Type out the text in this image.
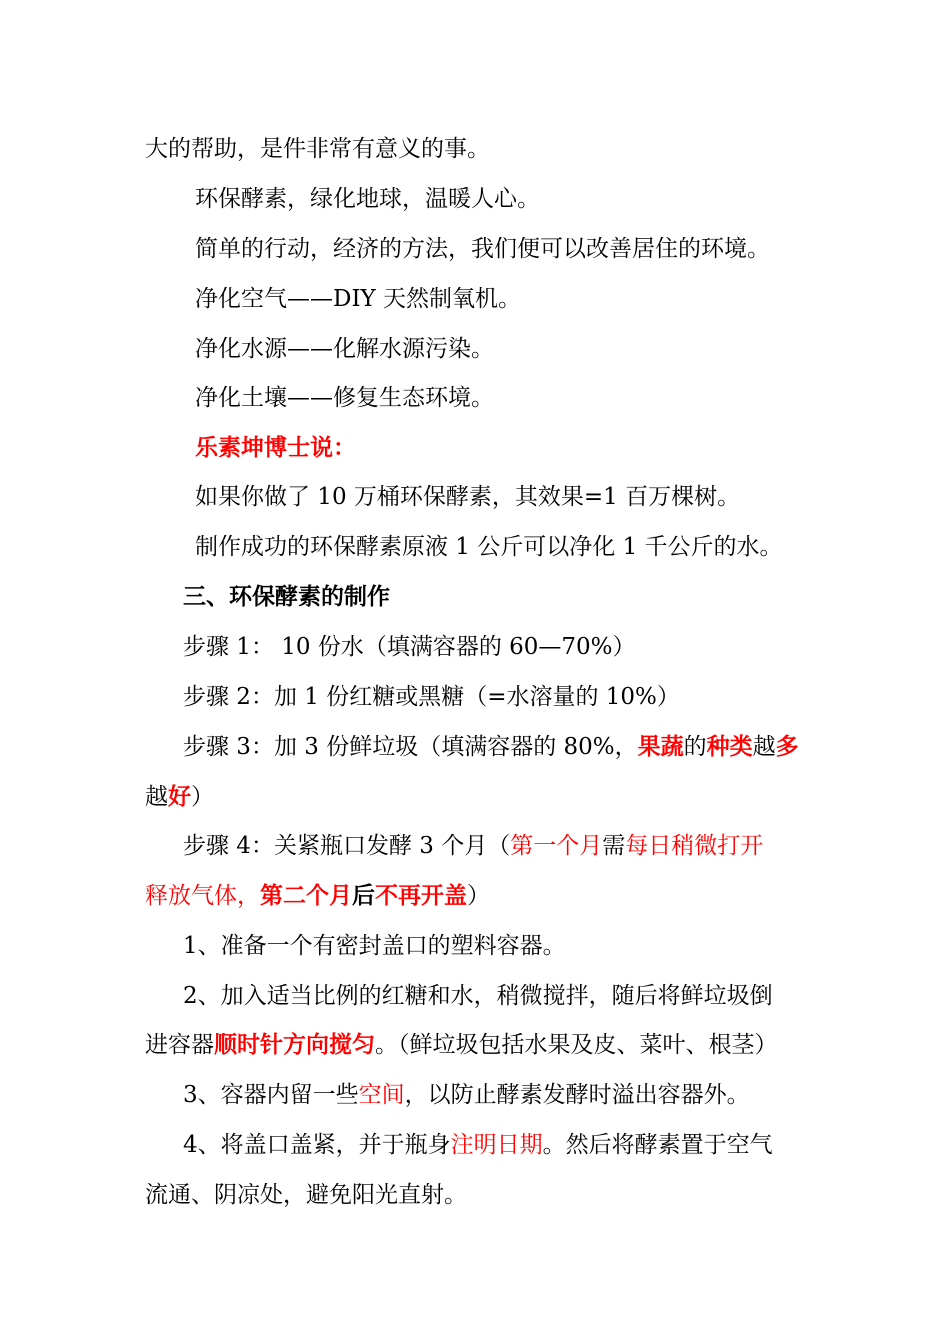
大的帮助，是件非常有意义的事。
环保酵素，绿化地球，温暖人心。
简单的行动，经济的方法，我们便可以改善居住的环境。
净化空气——DIY 天然制氧机。
净化水源——化解水源污染。
净化土壤——修复生态环境。
乐素坤博士说：
如果你做了 10 万桶环保酵素，其效果=1 百万棵树。
制作成功的环保酵素原液 1 公斤可以净化 1 千公斤的水。
三、环保酵素的制作
步骤 1： 10 份水（填满容器的 60—70%）
步骤 2：加 1 份红糖或黑糖（=水溶量的 10%）
步骤 3：加 3 份鲜垃圾（填满容器的 80%，果蔬的种类越多
越好）
步骤 4：关紧瓶口发酵 3 个月（第一个月需每日稍微打开
释放气体，第二个月后不再开盖）
1、准备一个有密封盖口的塑料容器。
2、加入适当比例的红糖和水，稍微搅拌，随后将鲜垃圾倒
进容器顺时针方向搅匀。（鲜垃圾包括水果及皮、菜叶、根茎）
3、容器内留一些空间，以防止酵素发酵时溢出容器外。
4、将盖口盖紧，并于瓶身注明日期。然后将酵素置于空气
流通、阴凉处，避免阳光直射。
